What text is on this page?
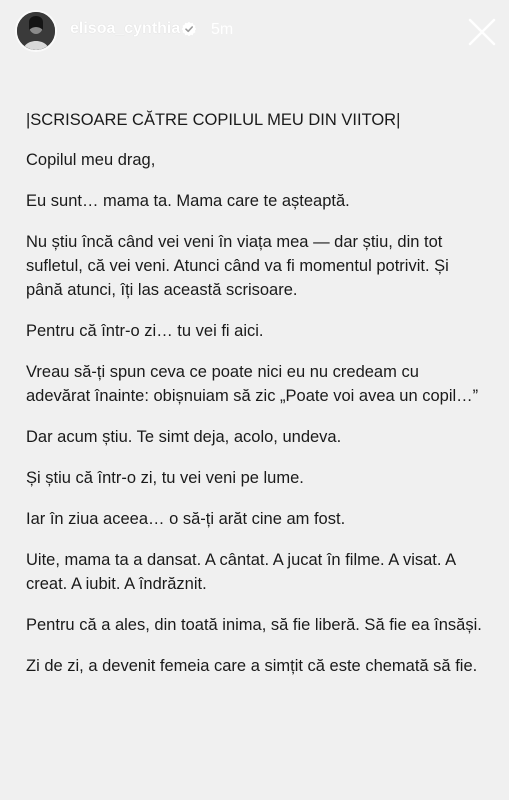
elisoa_cynthia 5m

|SCRISOARE CĂTRE COPILUL MEU DIN VIITOR|

Copilul meu drag,

Eu sunt… mama ta. Mama care te așteaptă.

Nu știu încă când vei veni în viața mea — dar știu, din tot sufletul, că vei veni. Atunci când va fi momentul potrivit. Și până atunci, îți las această scrisoare.

Pentru că într-o zi… tu vei fi aici.

Vreau să-ți spun ceva ce poate nici eu nu credeam cu adevărat înainte: obișnuiam să zic „Poate voi avea un copil…”

Dar acum știu. Te simt deja, acolo, undeva.

Și știu că într-o zi, tu vei veni pe lume.

Iar în ziua aceea… o să-ți arăt cine am fost.

Uite, mama ta a dansat. A cântat. A jucat în filme. A visat. A creat. A iubit. A îndrăznit.

Pentru că a ales, din toată inima, să fie liberă. Să fie ea însăși.

Zi de zi, a devenit femeia care a simțit că este chemată să fie.
